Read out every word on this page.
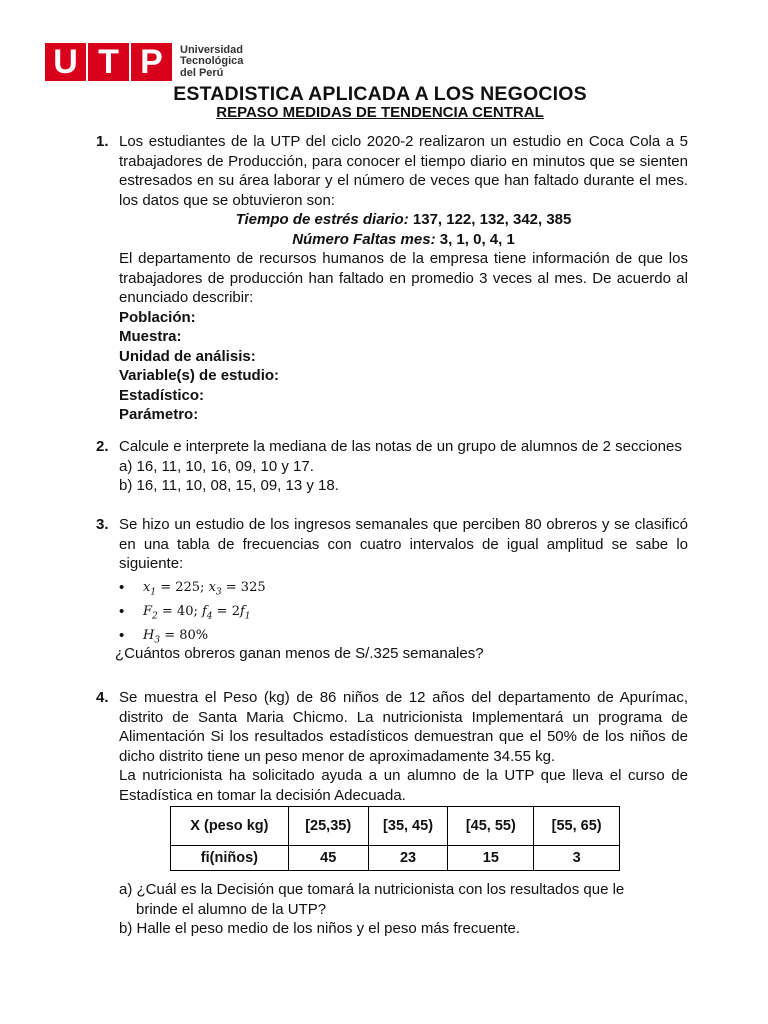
U T P	Universidad
Tecnológica
del Perú
ESTADISTICA APLICADA A LOS NEGOCIOS
REPASO MEDIDAS DE TENDENCIA CENTRAL
1. Los estudiantes de la UTP del ciclo 2020-2 realizaron un estudio en Coca Cola a 5 trabajadores de Producción, para conocer el tiempo diario en minutos que se sienten estresados en su área laborar y el número de veces que han faltado durante el mes. los datos que se obtuvieron son:
Tiempo de estrés diario: 137, 122, 132, 342, 385
Número Faltas mes: 3, 1, 0, 4, 1
El departamento de recursos humanos de la empresa tiene información de que los trabajadores de producción han faltado en promedio 3 veces al mes. De acuerdo al enunciado describir:
Población:
Muestra:
Unidad de análisis:
Variable(s) de estudio:
Estadístico:
Parámetro:
2. Calcule e interprete la mediana de las notas de un grupo de alumnos de 2 secciones
a) 16, 11, 10, 16, 09, 10 y 17.
b) 16, 11, 10, 08, 15, 09, 13 y 18.
3. Se hizo un estudio de los ingresos semanales que perciben 80 obreros y se clasificó en una tabla de frecuencias con cuatro intervalos de igual amplitud se sabe lo siguiente:
• $x_1 = 225$; $x_3 = 325$
• $F_2 = 40$; $f_4 = 2f_1$
• $H_3 = 80\%$
¿Cuántos obreros ganan menos de S/.325 semanales?
4. Se muestra el Peso (kg) de 86 niños de 12 años del departamento de Apurímac, distrito de Santa Maria Chicmo. La nutricionista Implementará un programa de Alimentación Si los resultados estadísticos demuestran que el 50% de los niños de dicho distrito tiene un peso menor de aproximadamente 34.55 kg.
La nutricionista ha solicitado ayuda a un alumno de la UTP que lleva el curso de Estadística en tomar la decisión Adecuada.
X (peso kg)	[25,35)	[35, 45)	[45, 55)	[55, 65)
fi(niños)	45	23	15	3
a) ¿Cuál es la Decisión que tomará la nutricionista con los resultados que le
brinde el alumno de la UTP?
b) Halle el peso medio de los niños y el peso más frecuente.
